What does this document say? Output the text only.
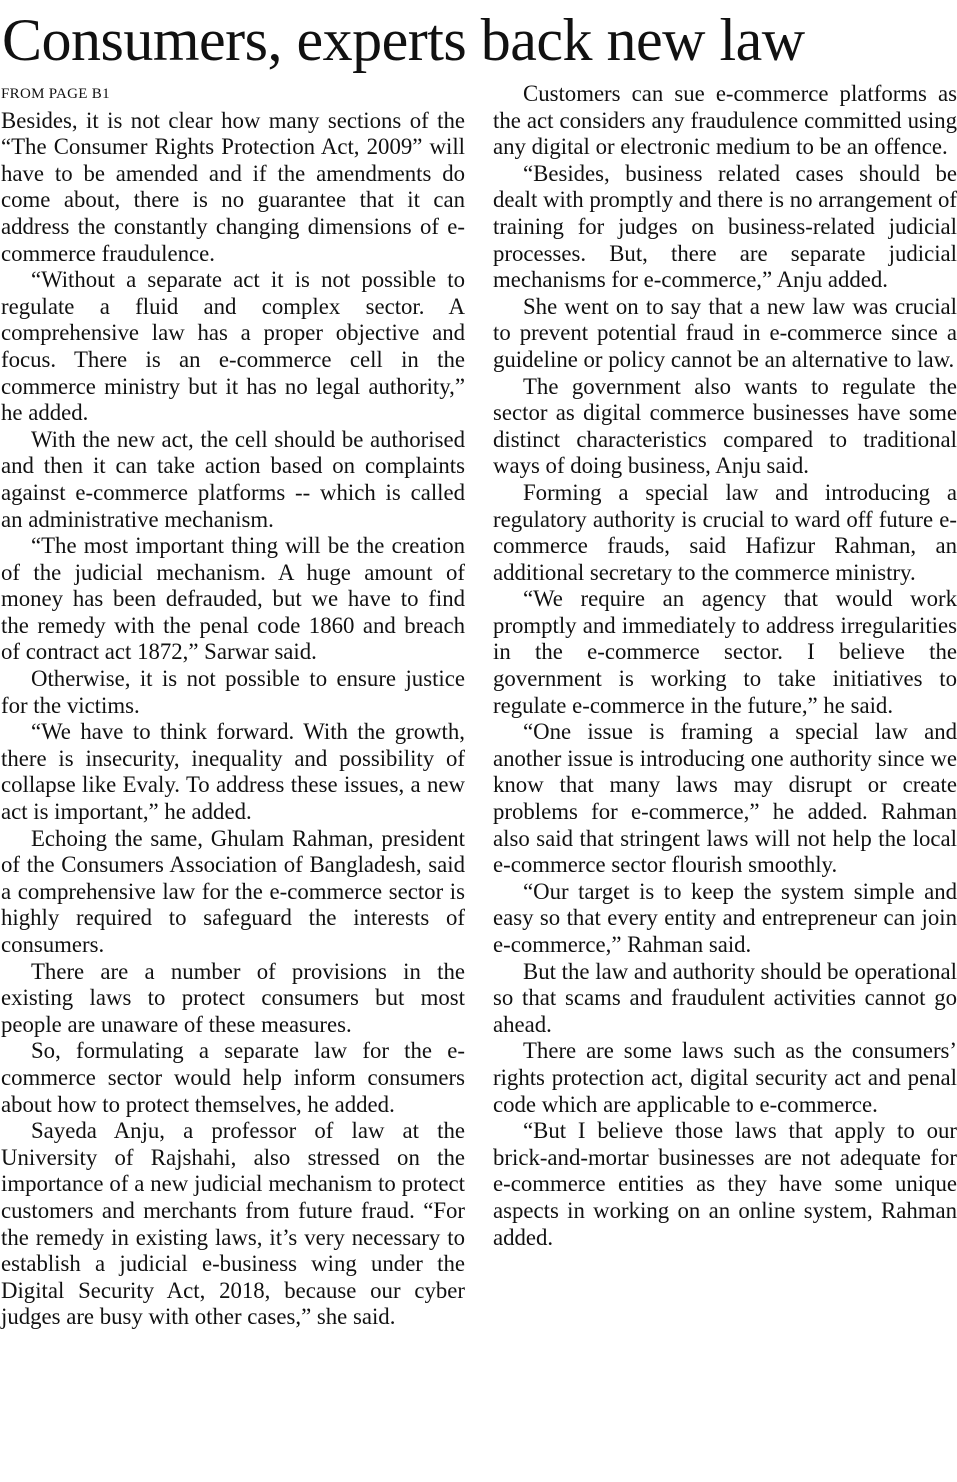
Consumers, experts back new law
FROM PAGE B1

Besides, it is not clear how many sections of the “The Consumer Rights Protection Act, 2009” will have to be amended and if the amendments do come about, there is no guarantee that it can address the constantly changing dimensions of e-commerce fraudulence.

“Without a separate act it is not possible to regulate a fluid and complex sector. A comprehensive law has a proper objective and focus. There is an e-commerce cell in the commerce ministry but it has no legal authority,” he added.

With the new act, the cell should be authorised and then it can take action based on complaints against e-commerce platforms -- which is called an administrative mechanism.

“The most important thing will be the creation of the judicial mechanism. A huge amount of money has been defrauded, but we have to find the remedy with the penal code 1860 and breach of contract act 1872,” Sarwar said.

Otherwise, it is not possible to ensure justice for the victims.

“We have to think forward. With the growth, there is insecurity, inequality and possibility of collapse like Evaly. To address these issues, a new act is important,” he added.

Echoing the same, Ghulam Rahman, president of the Consumers Association of Bangladesh, said a comprehensive law for the e-commerce sector is highly required to safeguard the interests of consumers.

There are a number of provisions in the existing laws to protect consumers but most people are unaware of these measures.

So, formulating a separate law for the e-commerce sector would help inform consumers about how to protect themselves, he added.

Sayeda Anju, a professor of law at the University of Rajshahi, also stressed on the importance of a new judicial mechanism to protect customers and merchants from future fraud. “For the remedy in existing laws, it’s very necessary to establish a judicial e-business wing under the Digital Security Act, 2018, because our cyber judges are busy with other cases,” she said.

Customers can sue e-commerce platforms as the act considers any fraudulence committed using any digital or electronic medium to be an offence.

“Besides, business related cases should be dealt with promptly and there is no arrangement of training for judges on business-related judicial processes. But, there are separate judicial mechanisms for e-commerce,” Anju added.

She went on to say that a new law was crucial to prevent potential fraud in e-commerce since a guideline or policy cannot be an alternative to law.

The government also wants to regulate the sector as digital commerce businesses have some distinct characteristics compared to traditional ways of doing business, Anju said.

Forming a special law and introducing a regulatory authority is crucial to ward off future e-commerce frauds, said Hafizur Rahman, an additional secretary to the commerce ministry.

“We require an agency that would work promptly and immediately to address irregularities in the e-commerce sector. I believe the government is working to take initiatives to regulate e-commerce in the future,” he said.

“One issue is framing a special law and another issue is introducing one authority since we know that many laws may disrupt or create problems for e-commerce,” he added. Rahman also said that stringent laws will not help the local e-commerce sector flourish smoothly.

“Our target is to keep the system simple and easy so that every entity and entrepreneur can join e-commerce,” Rahman said.

But the law and authority should be operational so that scams and fraudulent activities cannot go ahead.

There are some laws such as the consumers’ rights protection act, digital security act and penal code which are applicable to e-commerce.

“But I believe those laws that apply to our brick-and-mortar businesses are not adequate for e-commerce entities as they have some unique aspects in working on an online system, Rahman added.
